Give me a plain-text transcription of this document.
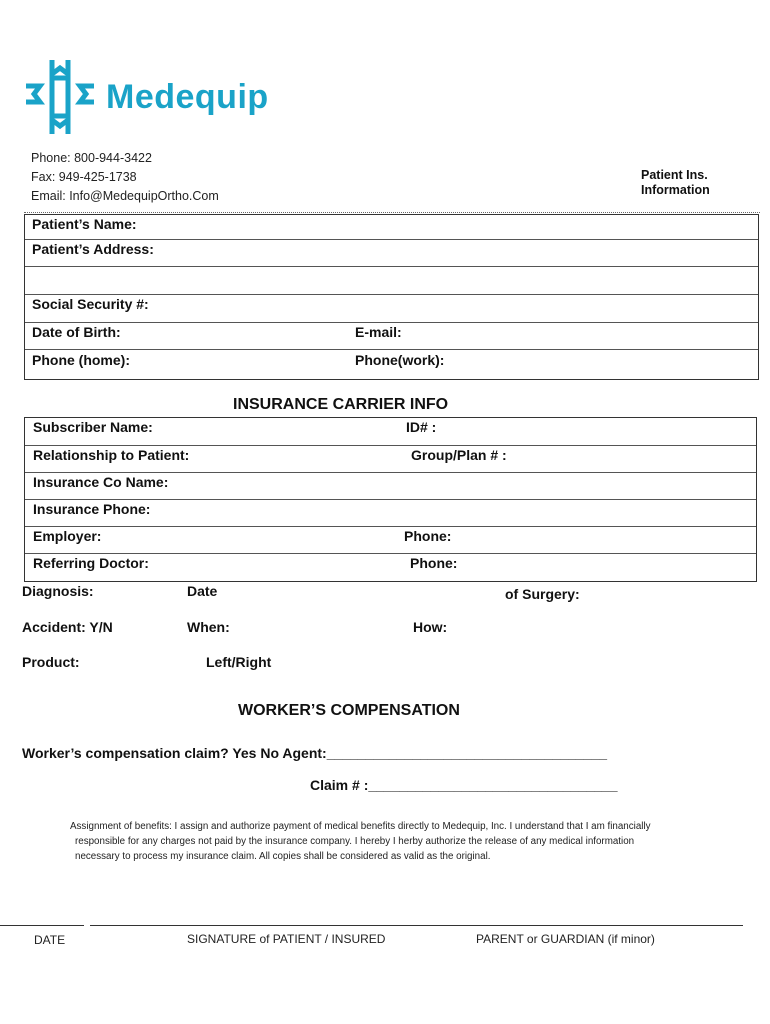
Medequip
Phone: 800-944-3422
Fax: 949-425-1738
Email: Info@MedequipOrtho.Com
Patient Ins.
Information
Patient’s Name:
Patient’s Address:
Social Security #:
Date of Birth:	E-mail:
Phone (home):	Phone(work):
INSURANCE CARRIER INFO
Subscriber Name:	ID# :
Relationship to Patient:	Group/Plan # :
Insurance Co Name:
Insurance Phone:
Employer:	Phone:
Referring Doctor:	Phone:
Diagnosis:	Date	of Surgery:
Accident: Y/N	When:	How:
Product:	Left/Right
WORKER’S COMPENSATION
Worker’s compensation claim? Yes No Agent:____________________________________
Claim # :________________________________
Assignment of benefits: I assign and authorize payment of medical benefits directly to Medequip, Inc. I understand that I am financially
responsible for any charges not paid by the insurance company. I hereby I herby authorize the release of any medical information
necessary to process my insurance claim. All copies shall be considered as valid as the original.
DATE	SIGNATURE of PATIENT / INSURED	PARENT or GUARDIAN (if minor)
